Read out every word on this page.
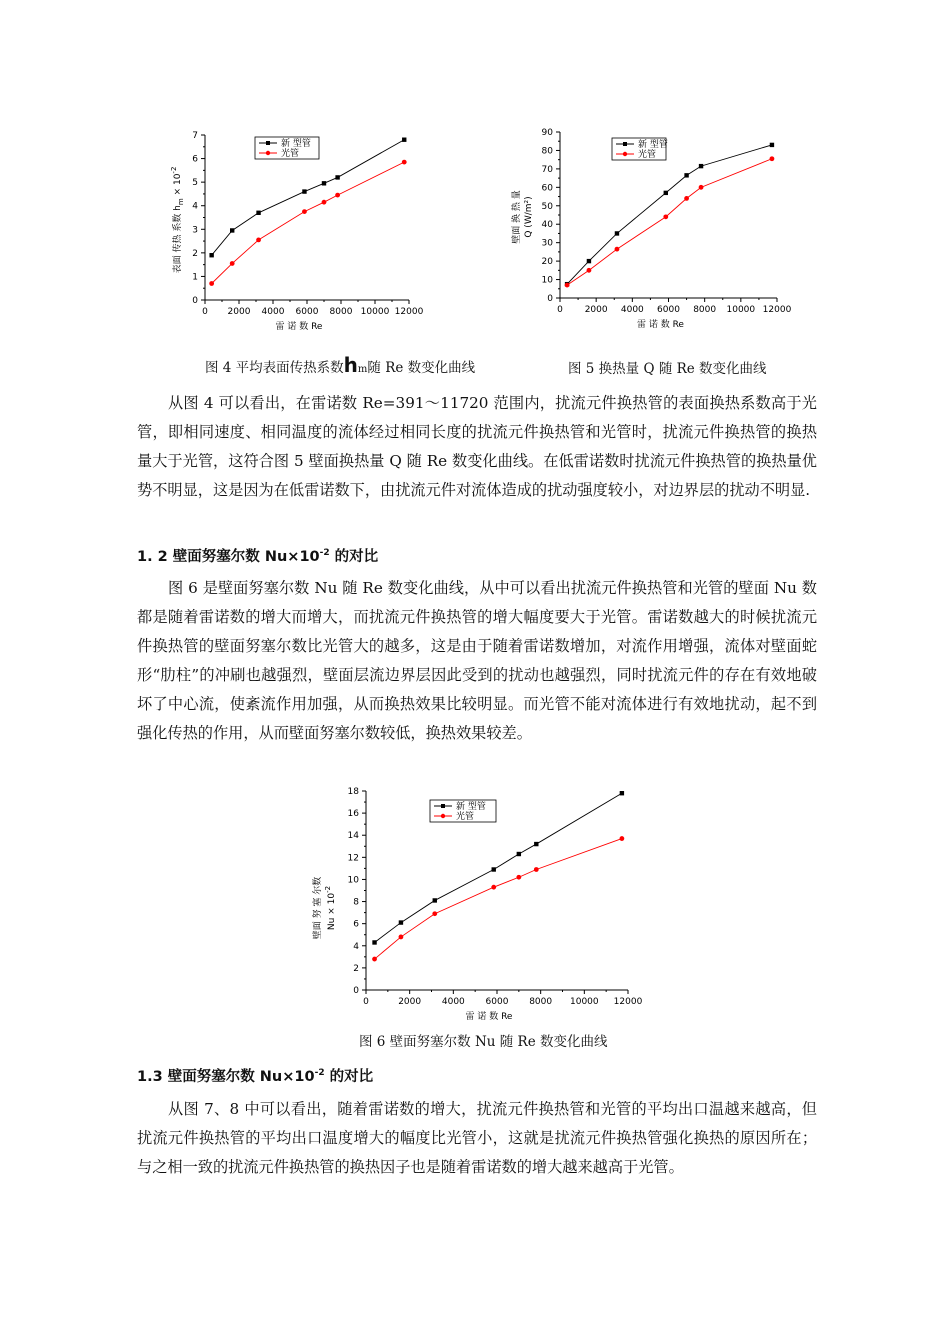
0
1
2
3
4
5
6
7
0 2000 4000 6000 8000 10000 12000
雷 诺 数 Re
新 型管
光管
表面 传热 系数 $h_m \times 10^{-2}$
0
10
20
30
40
50
60
70
80
90
0 2000 4000 6000 8000 10000 12000
雷 诺 数 Re
新 型管
光管
壁面 换 热 量 Q (W/m²)
图 4 平均表面传热系数hm随 Re 数变化曲线	图 5 换热量 Q 随 Re 数变化曲线

从图 4 可以看出，在雷诺数 Re=391～11720 范围内，扰流元件换热管的表面换热系数高于光管，即相同速度、相同温度的流体经过相同长度的扰流元件换热管和光管时，扰流元件换热管的换热量大于光管，这符合图 5 壁面换热量 Q 随 Re 数变化曲线。在低雷诺数时扰流元件换热管的换热量优势不明显，这是因为在低雷诺数下，由扰流元件对流体造成的扰动强度较小，对边界层的扰动不明显.

1. 2 壁面努塞尔数 $Nu\times 10^{-2}$ 的对比

图 6 是壁面努塞尔数 Nu 随 Re 数变化曲线，从中可以看出扰流元件换热管和光管的壁面 Nu 数都是随着雷诺数的增大而增大，而扰流元件换热管的增大幅度要大于光管。雷诺数越大的时候扰流元件换热管的壁面努塞尔数比光管大的越多，这是由于随着雷诺数增加，对流作用增强，流体对壁面蛇形“肋柱”的冲刷也越强烈，壁面层流边界层因此受到的扰动也越强烈，同时扰流元件的存在有效地破坏了中心流，使紊流作用加强，从而换热效果比较明显。而光管不能对流体进行有效地扰动，起不到强化传热的作用，从而壁面努塞尔数较低，换热效果较差。

0
2
4
6
8
10
12
14
16
18
0	2000 4000 6000 8000 10000 12000
雷 诺 数 Re
新 型管
光管
壁面 努 塞 尔数 $Nu \times 10^{-2}$
图 6 壁面努塞尔数 Nu 随 Re 数变化曲线
1.3 壁面努塞尔数 $Nu\times 10^{-2}$ 的对比

从图 7、8 中可以看出，随着雷诺数的增大，扰流元件换热管和光管的平均出口温越来越高，但扰流元件换热管的平均出口温度增大的幅度比光管小，这就是扰流元件换热管强化换热的原因所在；与之相一致的扰流元件换热管的换热因子也是随着雷诺数的增大越来越高于光管。
